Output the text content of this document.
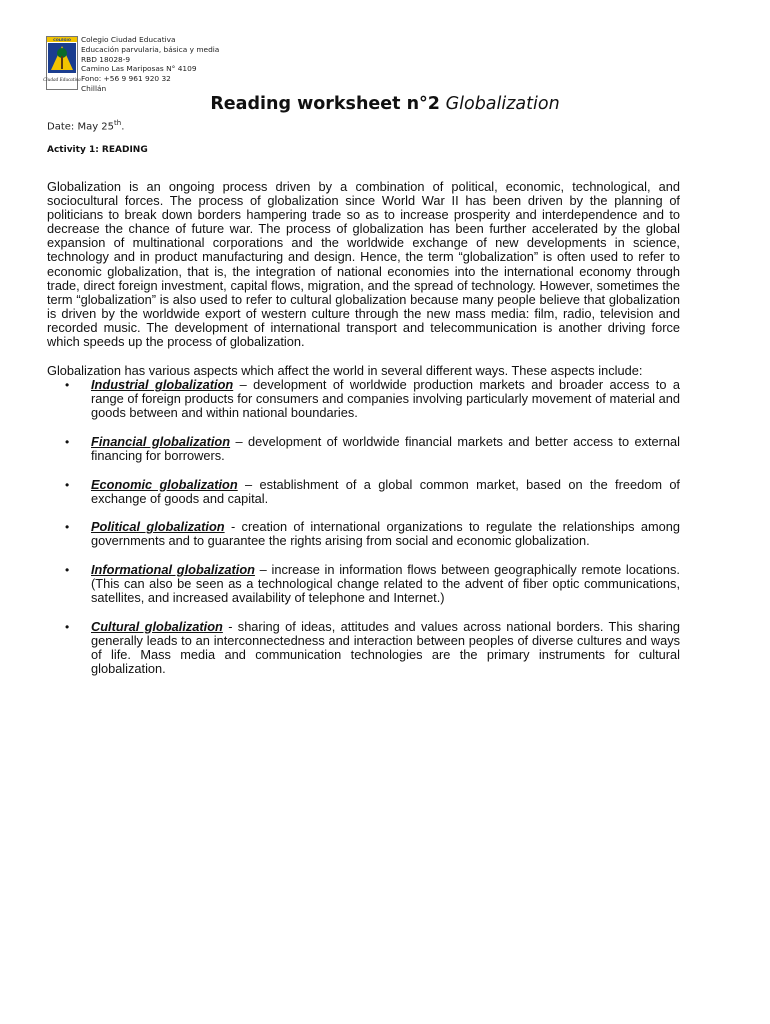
COLEGIO
Ciudad Educativa
Colegio Ciudad Educativa
Educación parvularia, básica y media
RBD 18028-9
Camino Las Mariposas N° 4109
Fono: +56 9 961 920 32
Chillán
Reading worksheet n°2 Globalization
Date: May 25th.
Activity 1: READING

Globalization is an ongoing process driven by a combination of political, economic, technological, and sociocultural forces. The process of globalization since World War II has been driven by the planning of politicians to break down borders hampering trade so as to increase prosperity and interdependence and to decrease the chance of future war. The process of globalization has been further accelerated by the global expansion of multinational corporations and the worldwide exchange of new developments in science, technology and in product manufacturing and design. Hence, the term “globalization” is often used to refer to economic globalization, that is, the integration of national economies into the international economy through trade, direct foreign investment, capital flows, migration, and the spread of technology. However, sometimes the term “globalization” is also used to refer to cultural globalization because many people believe that globalization is driven by the worldwide export of western culture through the new mass media: film, radio, television and recorded music. The development of international transport and telecommunication is another driving force which speeds up the process of globalization.

Globalization has various aspects which affect the world in several different ways. These aspects include:

• Industrial globalization – development of worldwide production markets and broader access to a range of foreign products for consumers and companies involving particularly movement of material and goods between and within national boundaries.
• Financial globalization – development of worldwide financial markets and better access to external financing for borrowers.
• Economic globalization – establishment of a global common market, based on the freedom of exchange of goods and capital.
• Political globalization - creation of international organizations to regulate the relationships among governments and to guarantee the rights arising from social and economic globalization.
• Informational globalization – increase in information flows between geographically remote locations. (This can also be seen as a technological change related to the advent of fiber optic communications, satellites, and increased availability of telephone and Internet.)
• Cultural globalization - sharing of ideas, attitudes and values across national borders. This sharing generally leads to an interconnectedness and interaction between peoples of diverse cultures and ways of life. Mass media and communication technologies are the primary instruments for cultural globalization.
